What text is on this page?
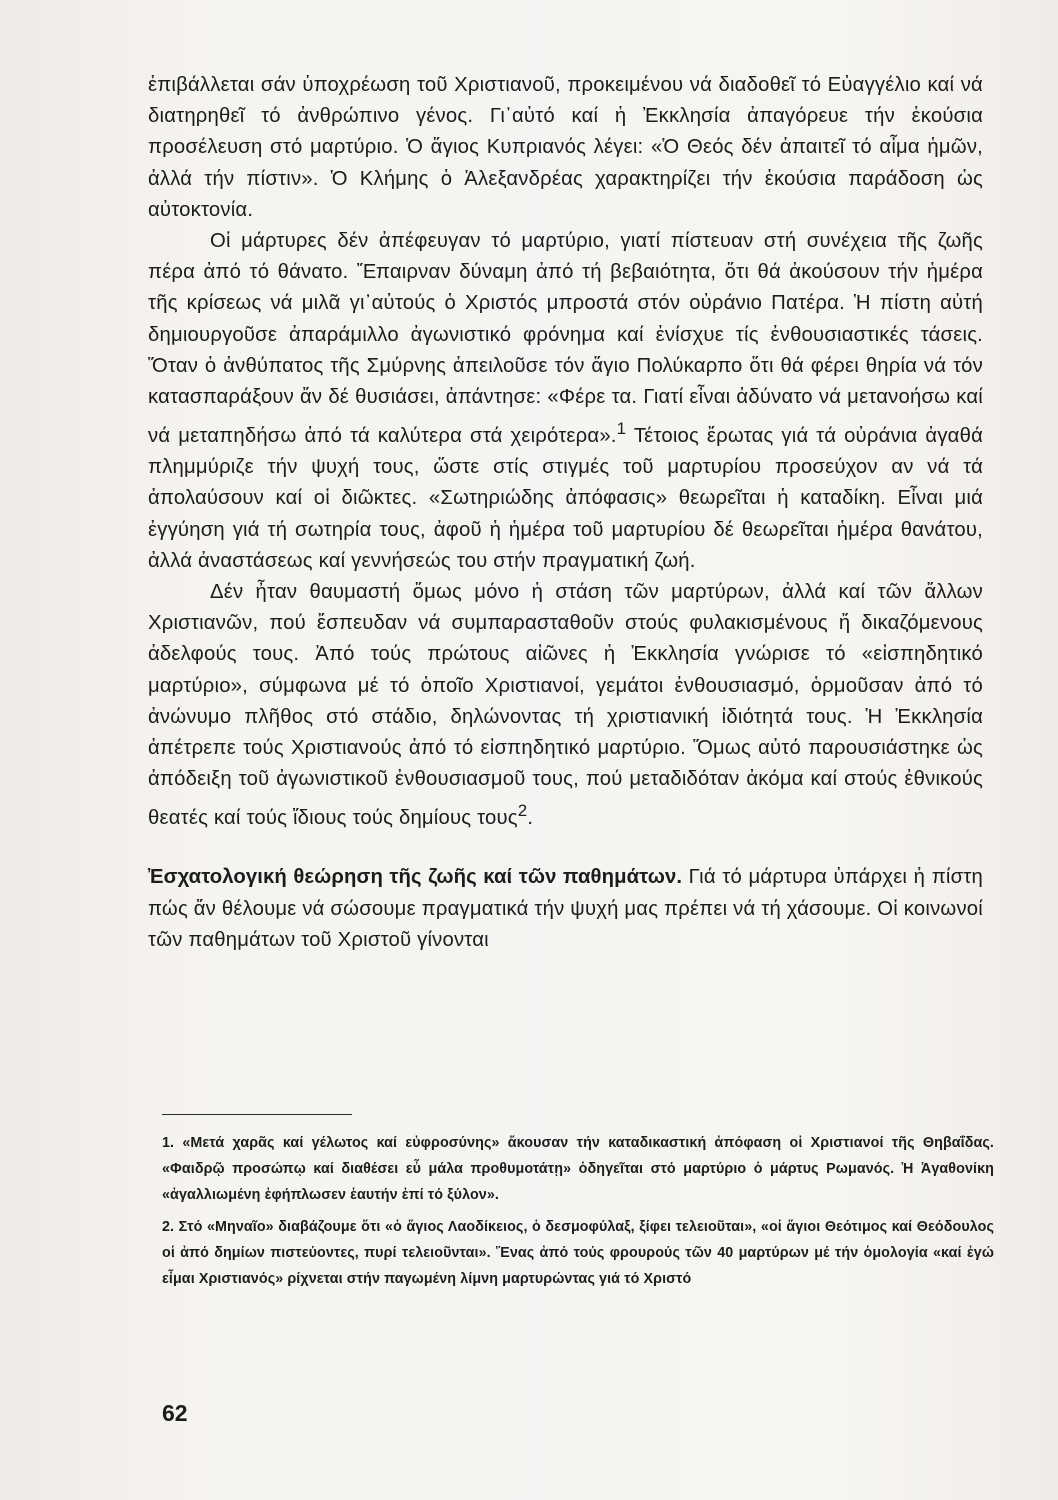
ἐπιβάλλεται σάν ὑποχρέωση τοῦ Χριστιανοῦ, προκειμένου νά διαδοθεῖ τό Εὐαγγέλιο καί νά διατηρηθεῖ τό ἀνθρώπινο γένος. Γι᾽αὐτό καί ἡ Ἐκκλησία ἀπαγόρευε τήν ἑκούσια προσέλευση στό μαρτύριο. Ὁ ἅγιος Κυπριανός λέγει: «Ὁ Θεός δέν ἀπαιτεῖ τό αἷμα ἡμῶν, ἀλλά τήν πίστιν». Ὁ Κλήμης ὁ Ἀλεξανδρέας χαρακτηρίζει τήν ἑκούσια παράδοση ὡς αὐτοκτονία.

Οἱ μάρτυρες δέν ἀπέφευγαν τό μαρτύριο, γιατί πίστευαν στή συνέχεια τῆς ζωῆς πέρα ἀπό τό θάνατο. Ἔπαιρναν δύναμη ἀπό τή βεβαιότητα, ὅτι θά ἀκούσουν τήν ἡμέρα τῆς κρίσεως νά μιλᾶ γι᾽αὐτούς ὁ Χριστός μπροστά στόν οὐράνιο Πατέρα. Ἡ πίστη αὐτή δημιουργοῦσε ἀπαράμιλλο ἀγωνιστικό φρόνημα καί ἐνίσχυε τίς ἐνθουσιαστικές τάσεις. Ὅταν ὁ ἀνθύπατος τῆς Σμύρνης ἀπειλοῦσε τόν ἅγιο Πολύκαρπο ὅτι θά φέρει θηρία νά τόν κατασπαράξουν ἄν δέ θυσιάσει, ἀπάντησε: «Φέρε τα. Γιατί εἶναι ἀδύνατο νά μετανοήσω καί νά μεταπηδήσω ἀπό τά καλύτερα στά χειρότερα».$^1$ Τέτοιος ἔρωτας γιά τά οὐράνια ἀγαθά πλημμύριζε τήν ψυχή τους, ὥστε στίς στιγμές τοῦ μαρτυρίου προσεύχον αν νά τά ἀπολαύσουν καί οἱ διῶκτες. «Σωτηριώδης ἀπόφασις» θεωρεῖται ἡ καταδίκη. Εἶναι μιά ἐγγύηση γιά τή σωτηρία τους, ἀφοῦ ἡ ἡμέρα τοῦ μαρτυρίου δέ θεωρεῖται ἡμέρα θανάτου, ἀλλά ἀναστάσεως καί γεννήσεώς του στήν πραγματική ζωή.

Δέν ἦταν θαυμαστή ὅμως μόνο ἡ στάση τῶν μαρτύρων, ἀλλά καί τῶν ἄλλων Χριστιανῶν, πού ἔσπευδαν νά συμπαρασταθοῦν στούς φυλακισμένους ἤ δικαζόμενους ἀδελφούς τους. Ἀπό τούς πρώτους αἰῶνες ἡ Ἐκκλησία γνώρισε τό «εἰσπηδητικό μαρτύριο», σύμφωνα μέ τό ὁποῖο Χριστιανοί, γεμάτοι ἐνθουσιασμό, ὁρμοῦσαν ἀπό τό ἀνώνυμο πλῆθος στό στάδιο, δηλώνοντας τή χριστιανική ἰδιότητά τους. Ἡ Ἐκκλησία ἀπέτρεπε τούς Χριστιανούς ἀπό τό εἰσπηδητικό μαρτύριο. Ὅμως αὐτό παρουσιάστηκε ὡς ἀπόδειξη τοῦ ἀγωνιστικοῦ ἐνθουσιασμοῦ τους, πού μεταδιδόταν ἀκόμα καί στούς ἐθνικούς θεατές καί τούς ἴδιους τούς δημίους τους$^2$.

Ἐσχατολογική θεώρηση τῆς ζωῆς καί τῶν παθημάτων. Γιά τό μάρτυρα ὑπάρχει ἡ πίστη πώς ἄν θέλουμε νά σώσουμε πραγματικά τήν ψυχή μας πρέπει νά τή χάσουμε. Οἱ κοινωνοί τῶν παθημάτων τοῦ Χριστοῦ γίνονται

1. «Μετά χαρᾶς καί γέλωτος καί εὐφροσύνης» ἄκουσαν τήν καταδικαστική ἀπόφαση οἱ Χριστιανοί τῆς Θηβαΐδας. «Φαιδρῷ προσώπῳ καί διαθέσει εὖ μάλα προθυμοτάτῃ» ὁδηγεῖται στό μαρτύριο ὁ μάρτυς Ρωμανός. Ἡ Ἀγαθονίκη «ἀγαλλιωμένη ἐφήπλωσεν ἑαυτήν ἐπί τό ξύλον».

2. Στό «Μηναῖο» διαβάζουμε ὅτι «ὁ ἅγιος Λαοδίκειος, ὁ δεσμοφύλαξ, ξίφει τελειοῦται», «οἱ ἅγιοι Θεότιμος καί Θεόδουλος οἱ ἀπό δημίων πιστεύοντες, πυρί τελειοῦνται». Ἕνας ἀπό τούς φρουρούς τῶν 40 μαρτύρων μέ τήν ὁμολογία «καί ἐγώ εἶμαι Χριστιανός» ρίχνεται στήν παγωμένη λίμνη μαρτυρώντας γιά τό Χριστό

62
